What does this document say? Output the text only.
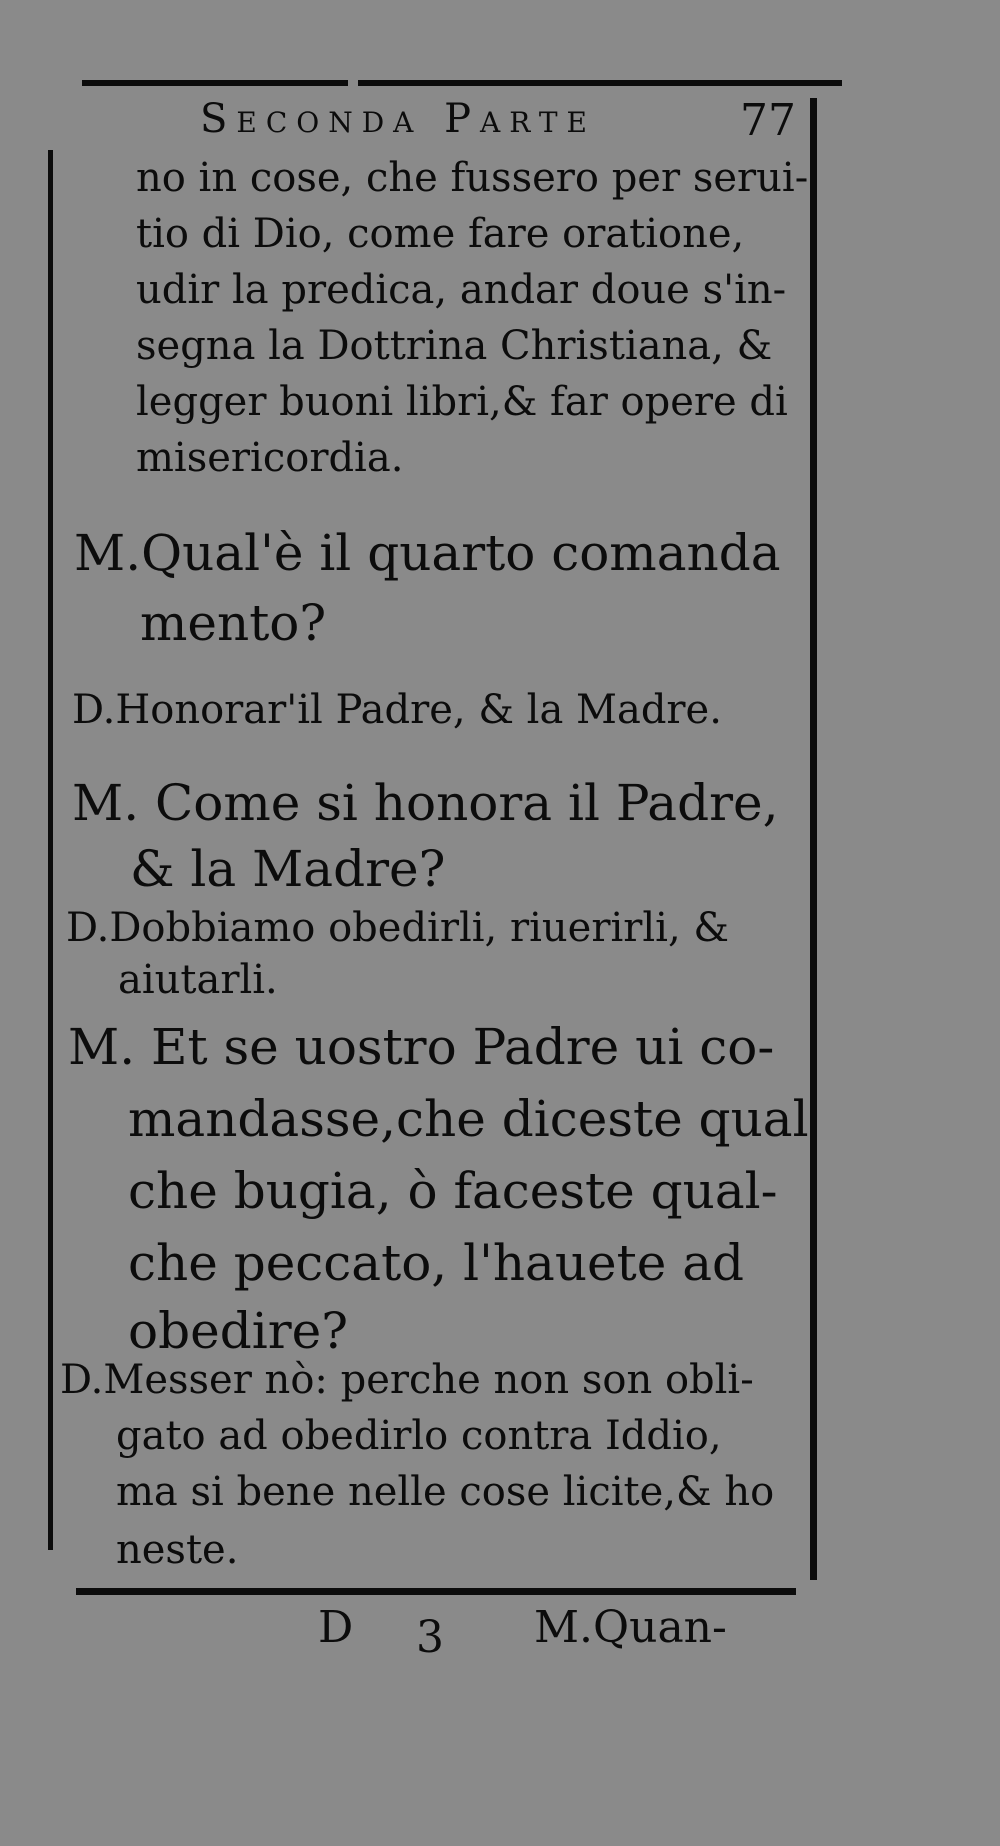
Seconda Parte	77
no in cose, che fussero per serui-
tio di Dio, come fare oratione,
udir la predica, andar doue s'in-
segna la Dottrina Christiana, &
legger buoni libri,& far opere di
misericordia.
M.Qual'è il quarto comanda
mento?
D.Honorar'il Padre, & la Madre.
M. Come si honora il Padre,
& la Madre?
D.Dobbiamo obedirli, riuerirli, &
aiutarli.
M. Et se uostro Padre ui co-
mandasse,che diceste qual
che bugia, ò faceste qual-
che peccato, l'hauete ad
obedire?
D.Messer nò: perche non son obli-
gato ad obedirlo contra Iddio,
ma si bene nelle cose licite,& ho
neste.
D 3 M.Quan-
